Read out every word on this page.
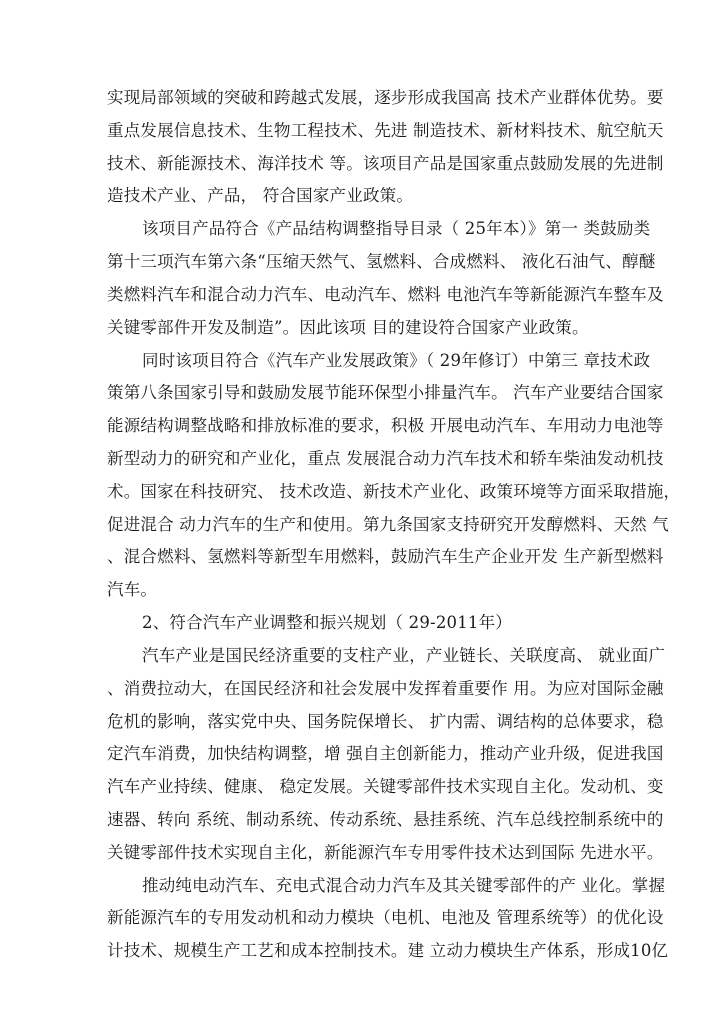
实现局部领域的突破和跨越式发展，逐步形成我国高 技术产业群体优势。要
重点发展信息技术、生物工程技术、先进 制造技术、新材料技术、航空航天
技术、新能源技术、海洋技术 等。该项目产品是国家重点鼓励发展的先进制
造技术产业、产品， 符合国家产业政策。
该项目产品符合《产品结构调整指导目录（ 25年本）》第一 类鼓励类
第十三项汽车第六条“压缩天然气、氢燃料、合成燃料、 液化石油气、醇醚
类燃料汽车和混合动力汽车、电动汽车、燃料 电池汽车等新能源汽车整车及
关键零部件开发及制造”。因此该项 目的建设符合国家产业政策。
同时该项目符合《汽车产业发展政策》（ 29年修订）中第三 章技术政
策第八条国家引导和鼓励发展节能环保型小排量汽车。 汽车产业要结合国家
能源结构调整战略和排放标准的要求，积极 开展电动汽车、车用动力电池等
新型动力的研究和产业化，重点 发展混合动力汽车技术和轿车柴油发动机技
术。国家在科技研究、 技术改造、新技术产业化、政策环境等方面采取措施，
促进混合 动力汽车的生产和使用。第九条国家支持研究开发醇燃料、天然 气
、混合燃料、氢燃料等新型车用燃料，鼓励汽车生产企业开发 生产新型燃料
汽车。
2、符合汽车产业调整和振兴规划（ 29-2011年）
汽车产业是国民经济重要的支柱产业，产业链长、关联度高、 就业面广
、消费拉动大，在国民经济和社会发展中发挥着重要作 用。为应对国际金融
危机的影响，落实党中央、国务院保增长、 扩内需、调结构的总体要求，稳
定汽车消费，加快结构调整，增 强自主创新能力，推动产业升级，促进我国
汽车产业持续、健康、 稳定发展。关键零部件技术实现自主化。发动机、变
速器、转向 系统、制动系统、传动系统、悬挂系统、汽车总线控制系统中的
关键零部件技术实现自主化，新能源汽车专用零件技术达到国际 先进水平。
推动纯电动汽车、充电式混合动力汽车及其关键零部件的产 业化。掌握
新能源汽车的专用发动机和动力模块（电机、电池及 管理系统等）的优化设
计技术、规模生产工艺和成本控制技术。建 立动力模块生产体系，形成10亿
